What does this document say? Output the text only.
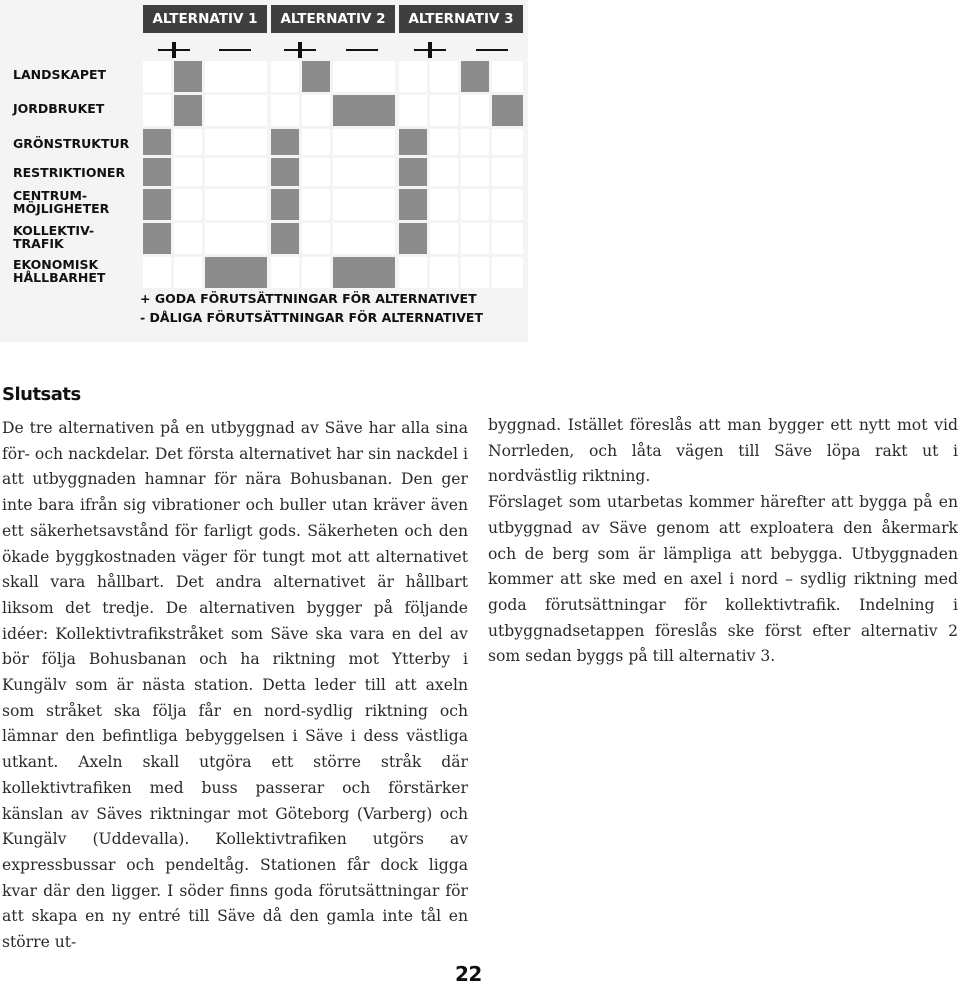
ALTERNATIV 1	ALTERNATIV 2	ALTERNATIV 3
LANDSKAPET
JORDBRUKET
GRÖNSTRUKTUR
RESTRIKTIONER
CENTRUM- MÖJLIGHETER
KOLLEKTIV- TRAFIK
EKONOMISK HÅLLBARHET
+ GODA FÖRUTSÄTTNINGAR FÖR ALTERNATIVET
- DÅLIGA FÖRUTSÄTTNINGAR FÖR ALTERNATIVET
Slutsats

De tre alternativen på en utbyggnad av Säve har alla sina för- och nackdelar. Det första alternativet har sin nackdel i att utbyggnaden hamnar för nära Bohusbanan. Den ger inte bara ifrån sig vibrationer och buller utan kräver även ett säkerhetsavstånd för farligt gods. Säkerheten och den ökade byggkostnaden väger för tungt mot att alternativet skall vara hållbart. Det andra alternativet är hållbart liksom det tredje. De alternativen bygger på följande idéer: Kollektivtrafikstråket som Säve ska vara en del av bör följa Bohusbanan och ha riktning mot Ytterby i Kungälv som är nästa station. Detta leder till att axeln som stråket ska följa får en nord-sydlig riktning och lämnar den befintliga bebyggelsen i Säve i dess västliga utkant. Axeln skall utgöra ett större stråk där kollektivtrafiken med buss passerar och förstärker känslan av Säves riktningar mot Göteborg (Varberg) och Kungälv (Uddevalla). Kollektivtrafiken utgörs av expressbussar och pendeltåg. Stationen får dock ligga kvar där den ligger. I söder finns goda förutsättningar för att skapa en ny entré till Säve då den gamla inte tål en större ut-

byggnad. Istället föreslås att man bygger ett nytt mot vid Norrleden, och låta vägen till Säve löpa rakt ut i nordvästlig riktning.

Förslaget som utarbetas kommer härefter att bygga på en utbyggnad av Säve genom att exploatera den åkermark och de berg som är lämpliga att bebygga. Utbyggnaden kommer att ske med en axel i nord – sydlig riktning med goda förutsättningar för kollektivtrafik. Indelning i utbyggnadsetappen föreslås ske först efter alternativ 2 som sedan byggs på till alternativ 3.

22
